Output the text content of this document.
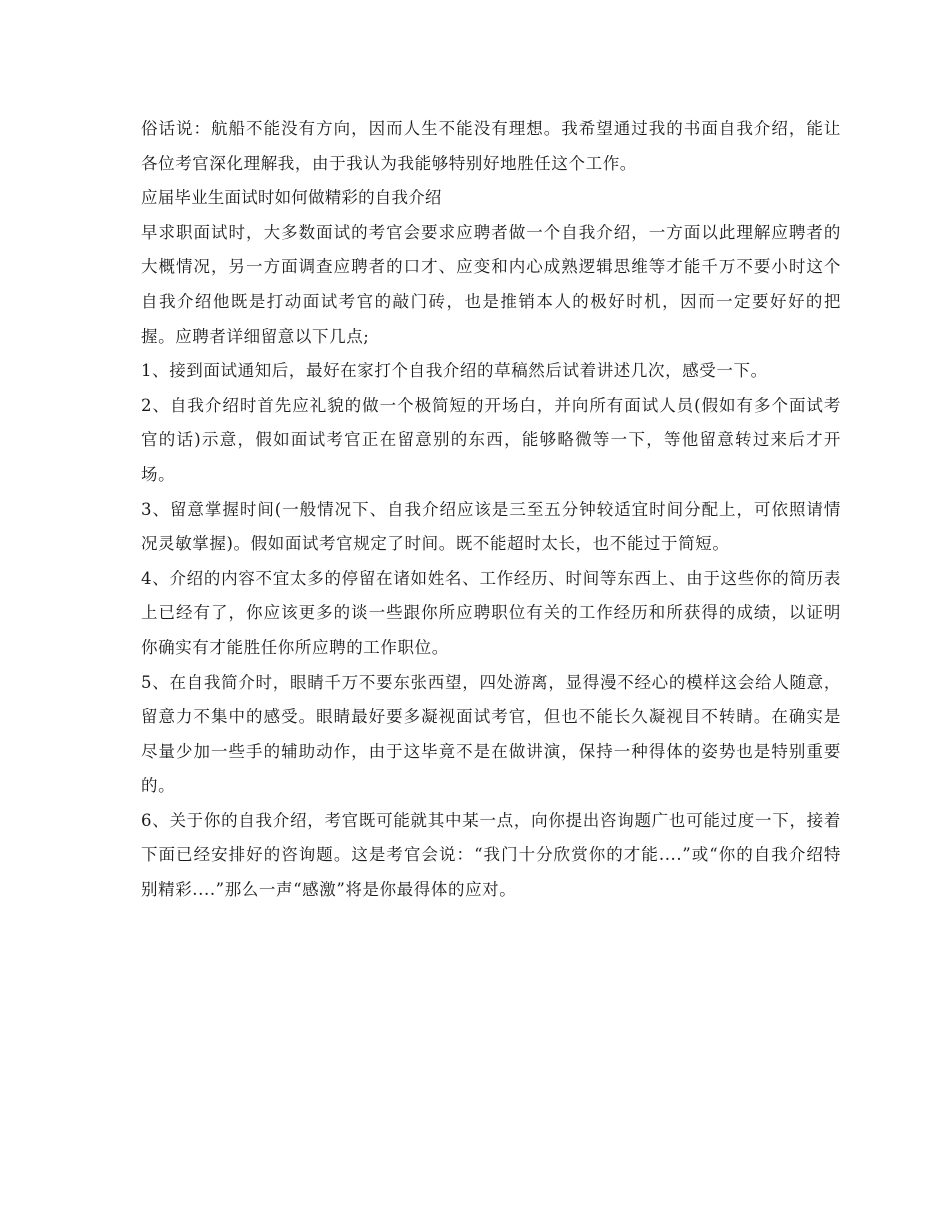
俗话说：航船不能没有方向，因而人生不能没有理想。我希望通过我的书面自我介绍，能让各位考官深化理解我，由于我认为我能够特别好地胜任这个工作。

应届毕业生面试时如何做精彩的自我介绍

早求职面试时，大多数面试的考官会要求应聘者做一个自我介绍，一方面以此理解应聘者的大概情况，另一方面调查应聘者的口才、应变和内心成熟逻辑思维等才能千万不要小时这个自我介绍他既是打动面试考官的敲门砖，也是推销本人的极好时机，因而一定要好好的把握。应聘者详细留意以下几点;

1、接到面试通知后，最好在家打个自我介绍的草稿然后试着讲述几次，感受一下。

2、自我介绍时首先应礼貌的做一个极简短的开场白，并向所有面试人员(假如有多个面试考官的话)示意，假如面试考官正在留意别的东西，能够略微等一下，等他留意转过来后才开场。

3、留意掌握时间(一般情况下、自我介绍应该是三至五分钟较适宜时间分配上，可依照请情况灵敏掌握)。假如面试考官规定了时间。既不能超时太长，也不能过于简短。

4、介绍的内容不宜太多的停留在诸如姓名、工作经历、时间等东西上、由于这些你的简历表上已经有了，你应该更多的谈一些跟你所应聘职位有关的工作经历和所获得的成绩，以证明你确实有才能胜任你所应聘的工作职位。

5、在自我简介时，眼睛千万不要东张西望，四处游离，显得漫不经心的模样这会给人随意，留意力不集中的感受。眼睛最好要多凝视面试考官，但也不能长久凝视目不转睛。在确实是尽量少加一些手的辅助动作，由于这毕竟不是在做讲演，保持一种得体的姿势也是特别重要的。

6、关于你的自我介绍，考官既可能就其中某一点，向你提出咨询题广也可能过度一下，接着下面已经安排好的咨询题。这是考官会说：“我门十分欣赏你的才能....”或“你的自我介绍特别精彩....”那么一声“感激”将是你最得体的应对。
